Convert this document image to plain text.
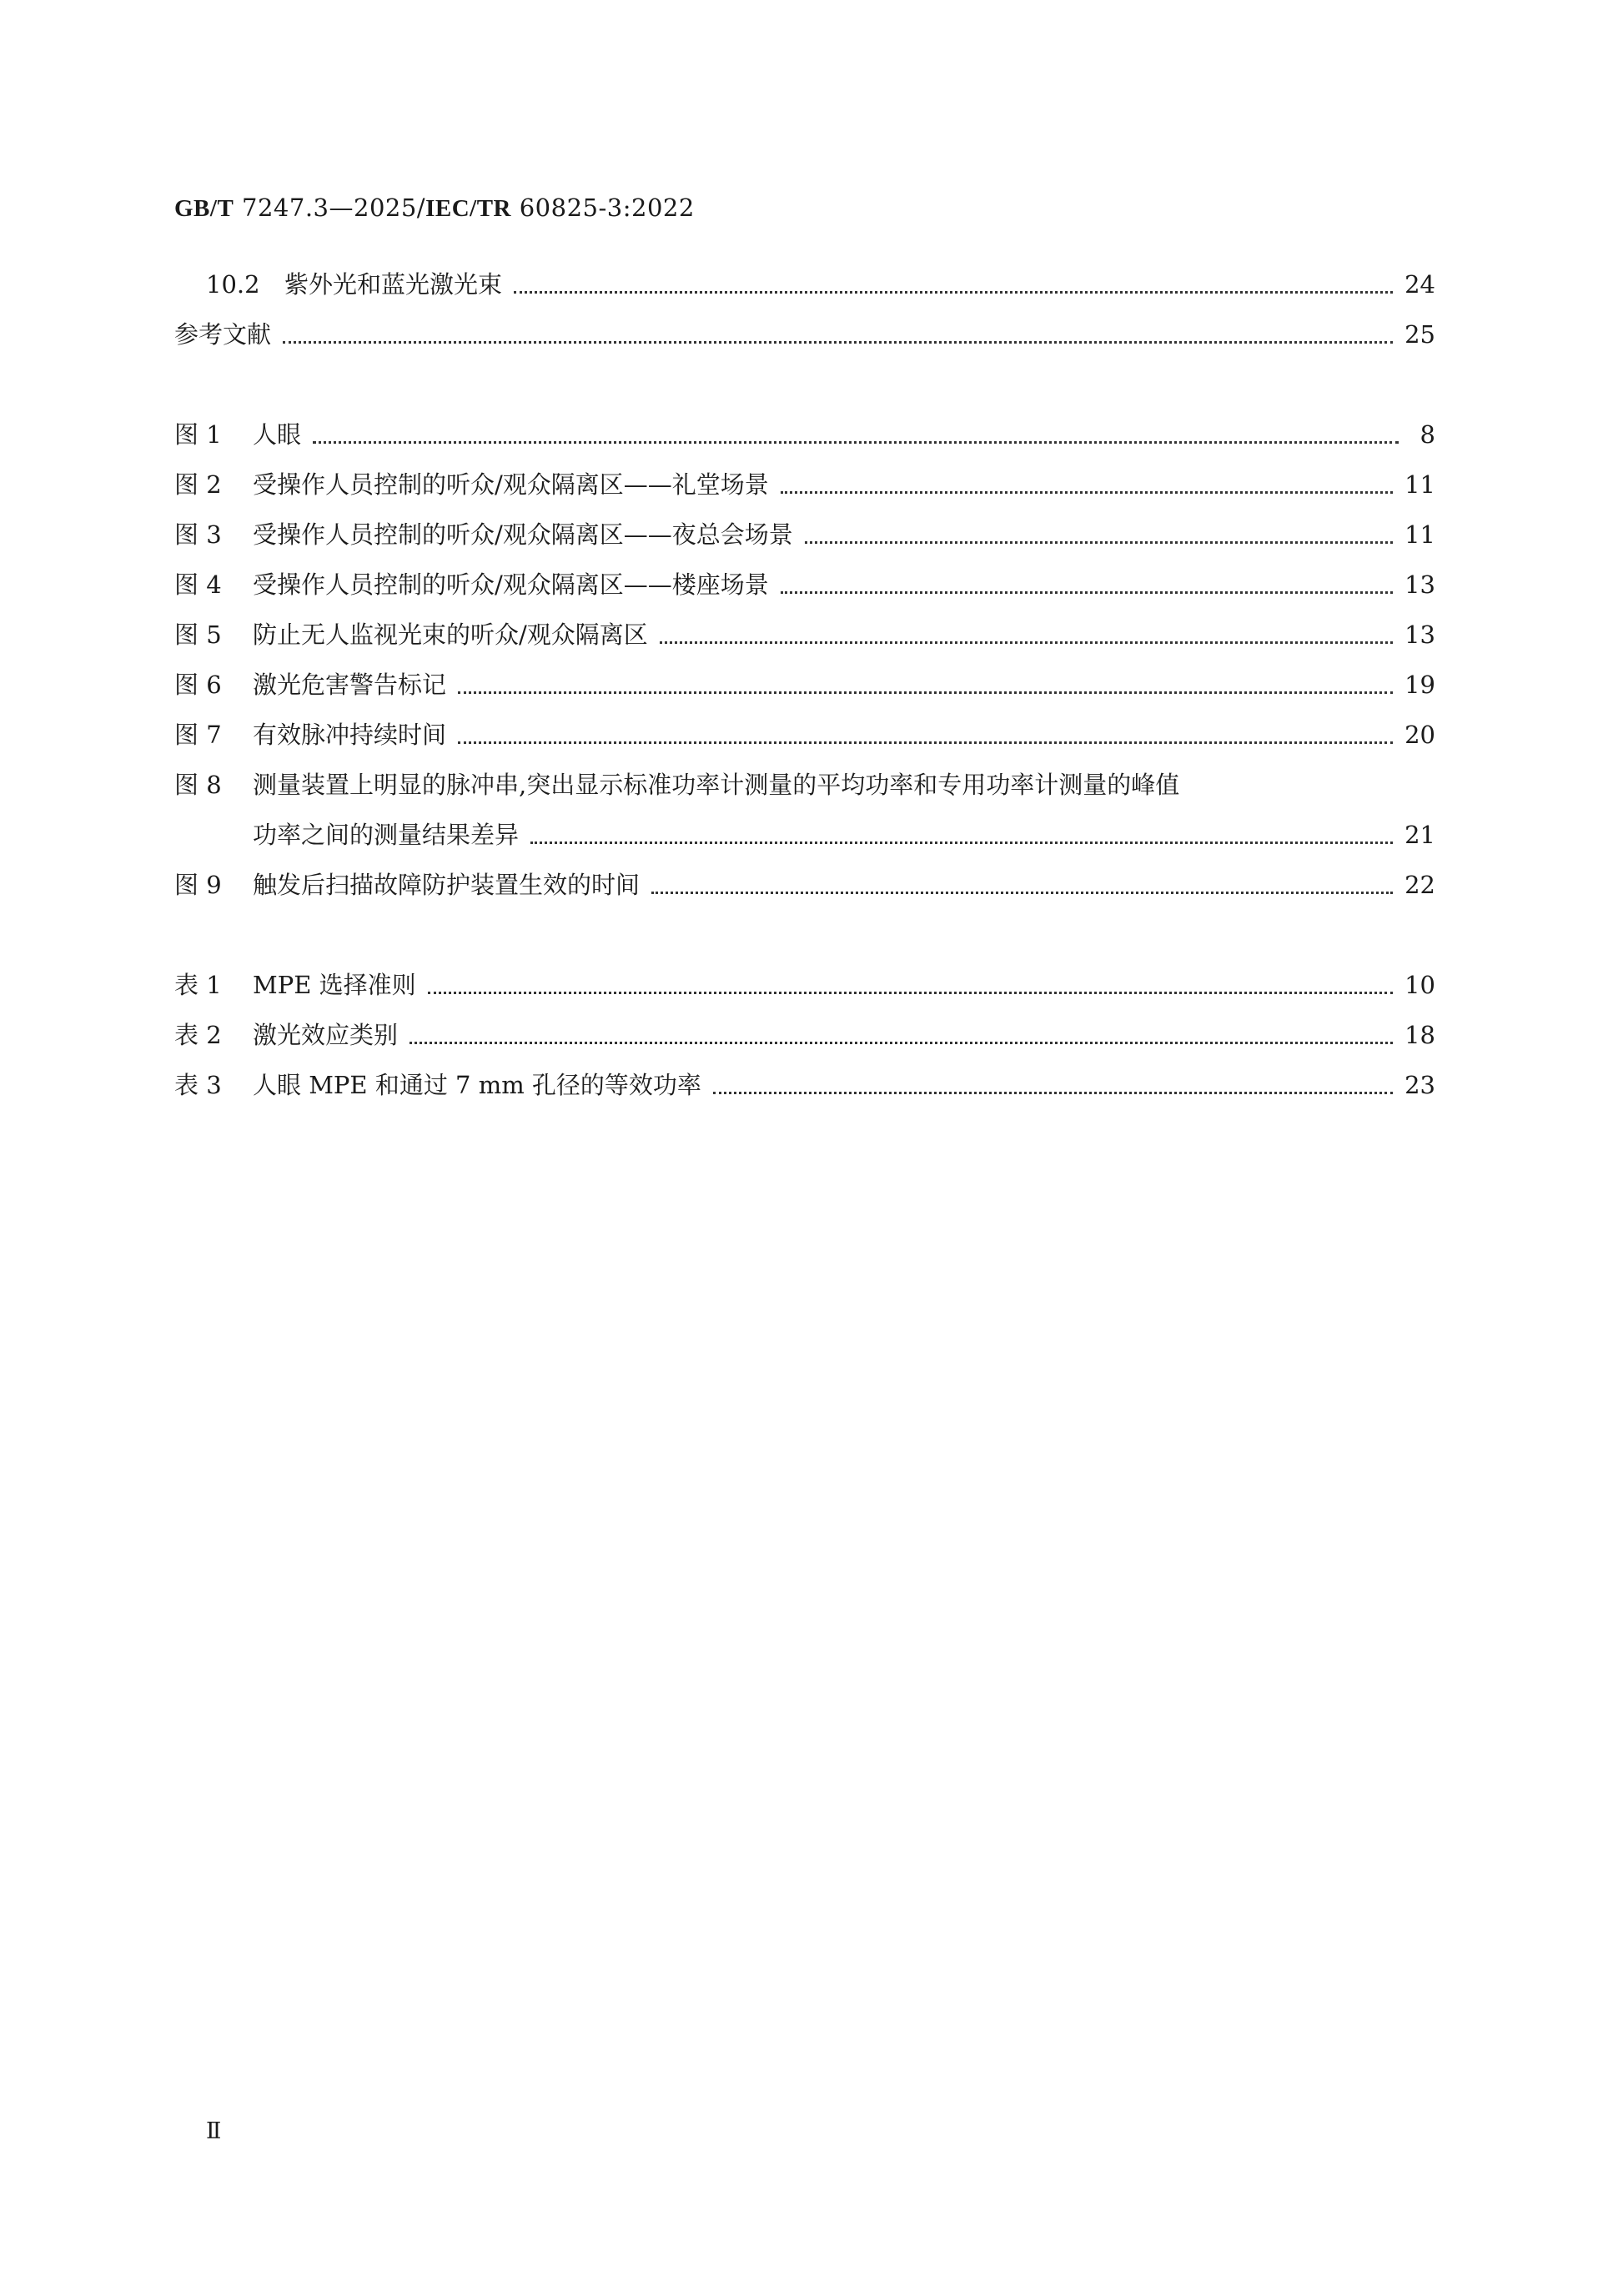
GB/T 7247.3—2025/IEC/TR 60825-3:2022
10.2 紫外光和蓝光激光束	24
参考文献	25
图 1 人眼	8
图 2 受操作人员控制的听众/观众隔离区——礼堂场景	11
图 3 受操作人员控制的听众/观众隔离区——夜总会场景	11
图 4 受操作人员控制的听众/观众隔离区——楼座场景	13
图 5 防止无人监视光束的听众/观众隔离区	13
图 6 激光危害警告标记	19
图 7 有效脉冲持续时间	20
图 8 测量装置上明显的脉冲串,突出显示标准功率计测量的平均功率和专用功率计测量的峰值
功率之间的测量结果差异	21
图 9 触发后扫描故障防护装置生效的时间	22
表 1 MPE 选择准则	10
表 2 激光效应类别	18
表 3 人眼 MPE 和通过 7 mm 孔径的等效功率	23
Ⅱ
